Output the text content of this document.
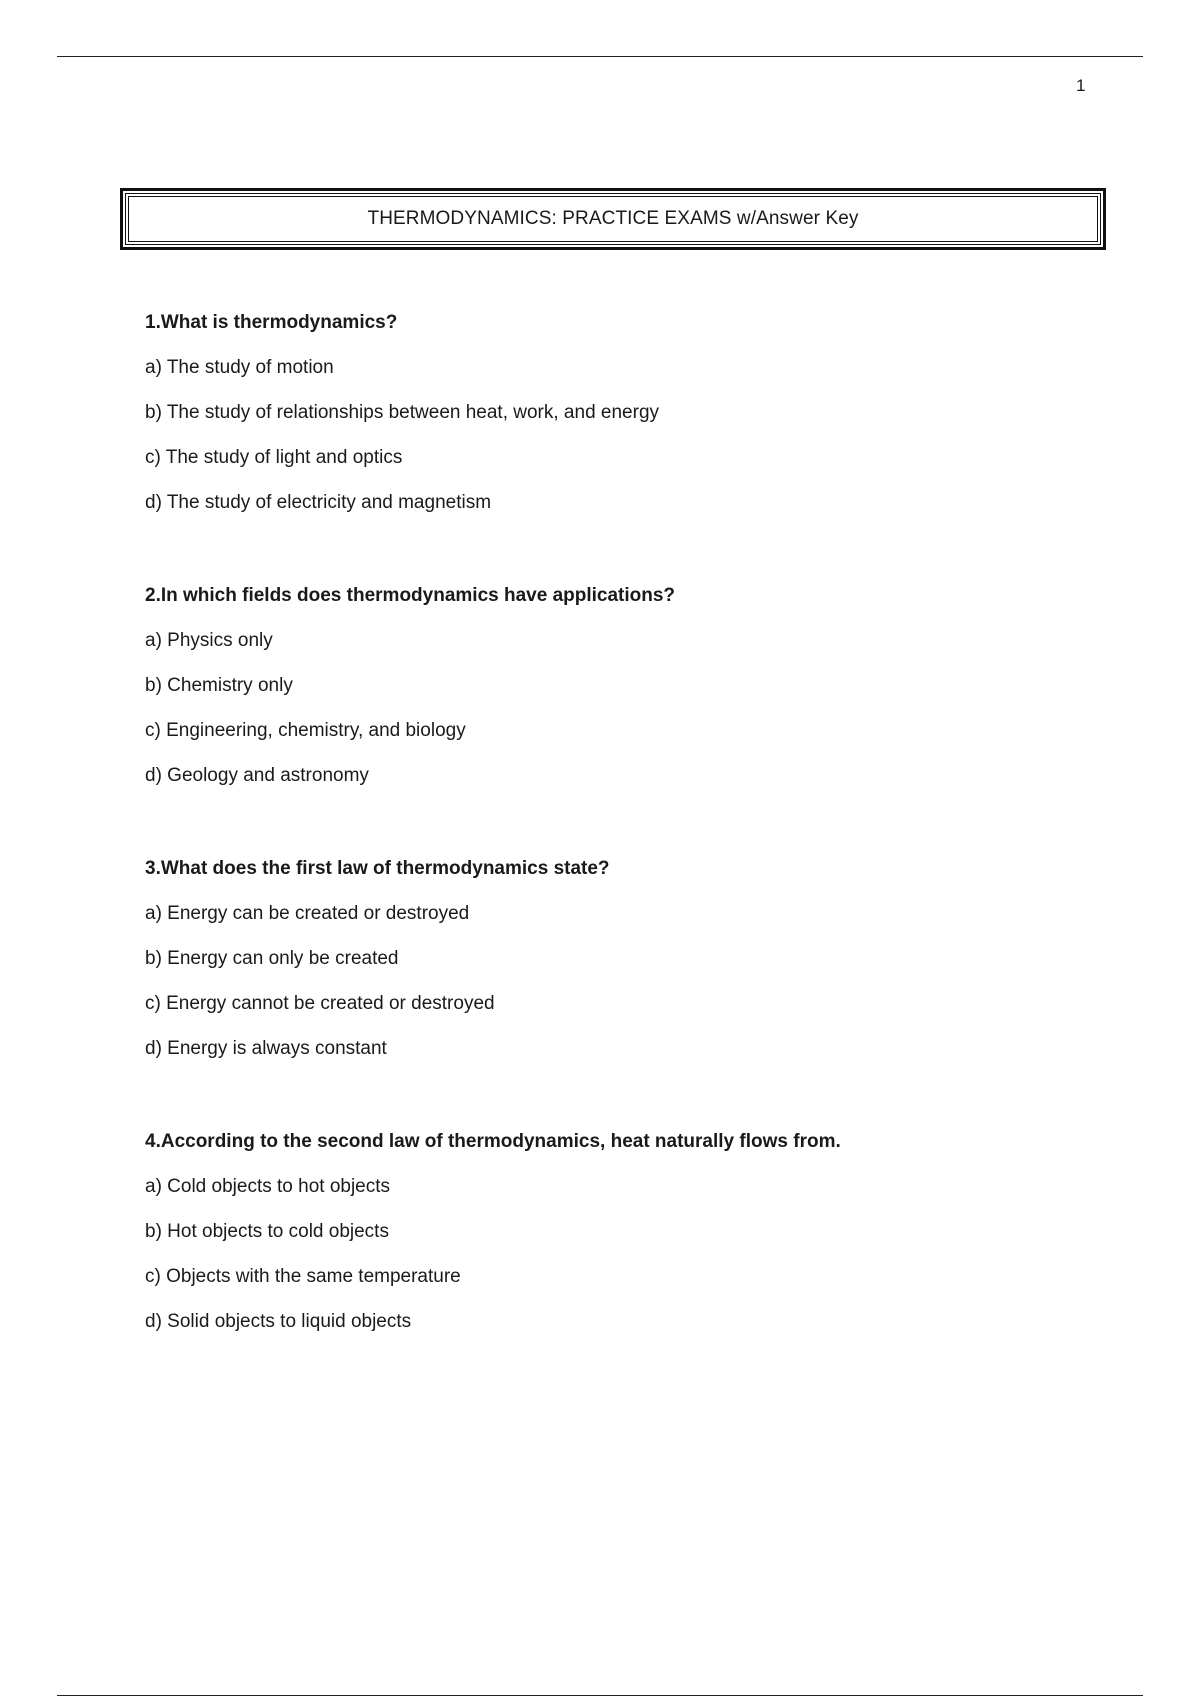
1
THERMODYNAMICS: PRACTICE EXAMS w/Answer Key
1.What is thermodynamics?
a) The study of motion
b) The study of relationships between heat, work, and energy
c) The study of light and optics
d) The study of electricity and magnetism
2.In which fields does thermodynamics have applications?
a) Physics only
b) Chemistry only
c) Engineering, chemistry, and biology
d) Geology and astronomy
3.What does the first law of thermodynamics state?
a) Energy can be created or destroyed
b) Energy can only be created
c) Energy cannot be created or destroyed
d) Energy is always constant
4.According to the second law of thermodynamics, heat naturally flows from.
a) Cold objects to hot objects
b) Hot objects to cold objects
c) Objects with the same temperature
d) Solid objects to liquid objects
